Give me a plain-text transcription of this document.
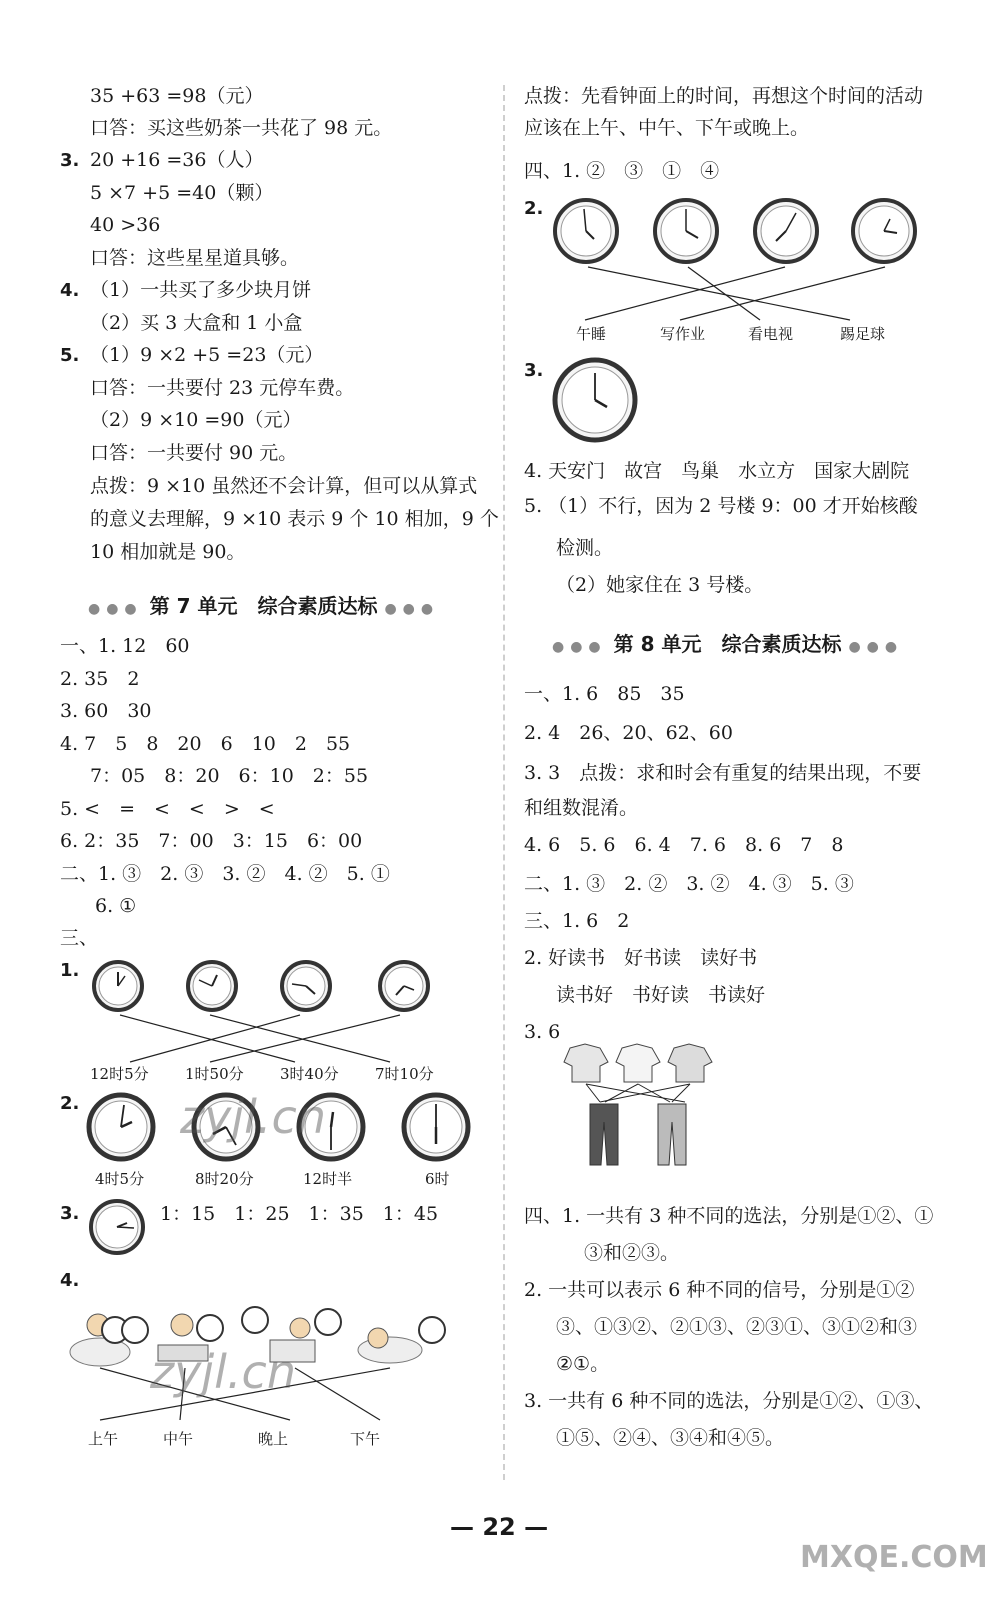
35 +63 =98（元）
口答：买这些奶茶一共花了 98 元。
3. 20 +16 =36（人）
5 ×7 +5 =40（颗）
40 >36
口答：这些星星道具够。
4. （1）一共买了多少块月饼
（2）买 3 大盒和 1 小盒
5. （1）9 ×2 +5 =23（元）
口答：一共要付 23 元停车费。
（2）9 ×10 =90（元）
口答：一共要付 90 元。
点拨：9 ×10 虽然还不会计算，但可以从算式
的意义去理解，9 ×10 表示 9 个 10 相加，9 个
10 相加就是 90。
●●● 第 7 单元　综合素质达标 ●●●
一、1. 12　60
2. 35　2
3. 60　30
4. 7　5　8　20　6　10　2　55
7：05　8：20　6：10　2：55
5. <　=　<　<　>　<
6. 2：35　7：00　3：15　6：00
二、1. ③　2. ③　3. ②　4. ②　5. ①
6. ①
三、
1.
12时5分 1时50分 3时40分 7时10分
2.
4时5分	8时20分	12时半	6时
3.	1：15　1：25　1：35　1：45
4.
上午	中午	晚上	下午
点拨：先看钟面上的时间，再想这个时间的活动
应该在上午、中午、下午或晚上。
四、1. ②　③　①　④
2.
午睡	写作业	看电视	踢足球
3.
4. 天安门　故宫　鸟巢　水立方　国家大剧院
5. （1）不行，因为 2 号楼 9：00 才开始核酸
检测。
（2）她家住在 3 号楼。
●●● 第 8 单元　综合素质达标 ●●●
一、1. 6　85　35
2. 4　26、20、62、60
3. 3　点拨：求和时会有重复的结果出现，不要
和组数混淆。
4. 6　5. 6　6. 4　7. 6　8. 6　7　8
二、1. ③　2. ②　3. ②　4. ③　5. ③
三、1. 6　2
2. 好读书　好书读　读好书
读书好　书好读　书读好
3. 6
四、1. 一共有 3 种不同的选法，分别是①②、①
③和②③。
2. 一共可以表示 6 种不同的信号，分别是①②
③、①③②、②①③、②③①、③①②和③
②①。
3. 一共有 6 种不同的选法，分别是①②、①③、
①⑤、②④、③④和④⑤。
— 22 —
zyjl.cn
zyjl.cn
MXQE.COM
